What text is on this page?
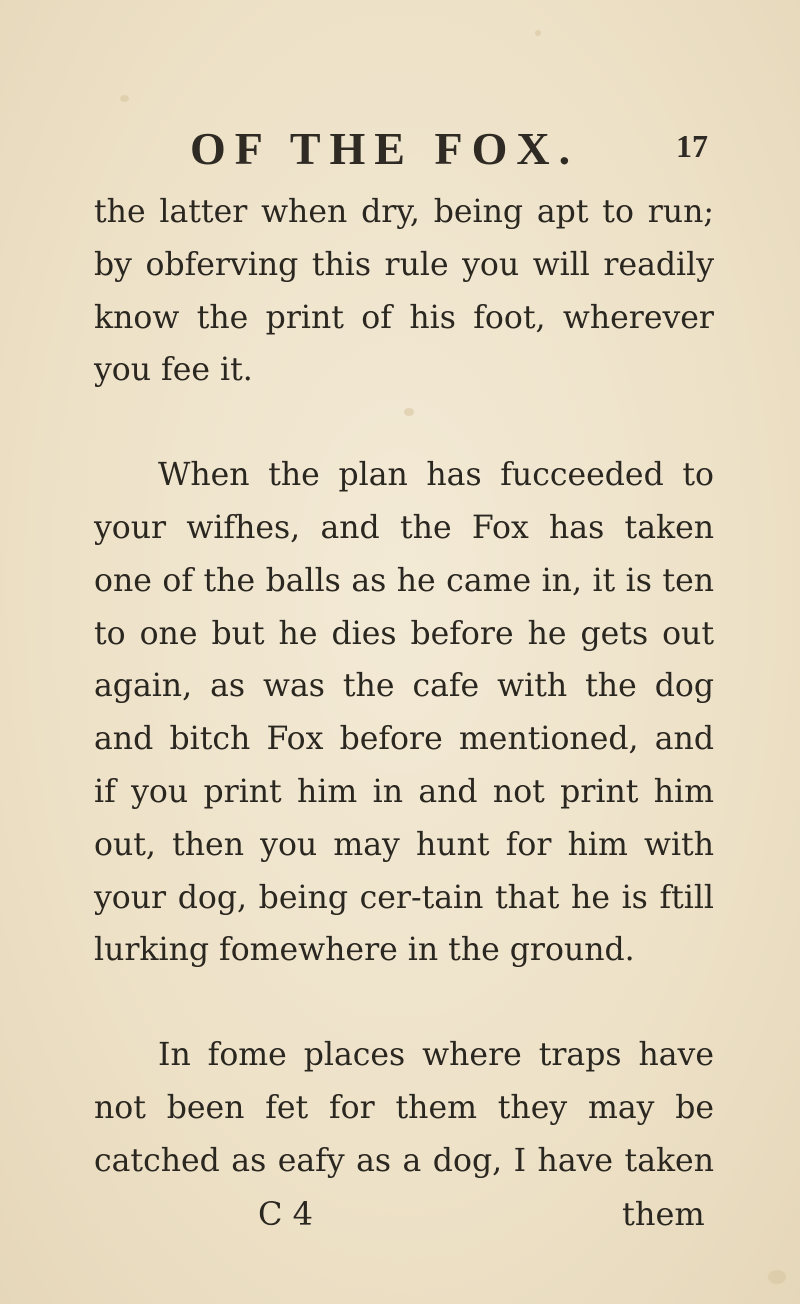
OF THE FOX.	17

the latter when dry, being apt to run; by obferving this rule you will readily know the print of his foot, wherever you fee it.

When the plan has fucceeded to your wifhes, and the Fox has taken one of the balls as he came in, it is ten to one but he dies before he gets out again, as was the cafe with the dog and bitch Fox before mentioned, and if you print him in and not print him out, then you may hunt for him with your dog, being cer-tain that he is ftill lurking fomewhere in the ground.

In fome places where traps have not been fet for them they may be catched as eafy as a dog, I have taken

C 4	them
